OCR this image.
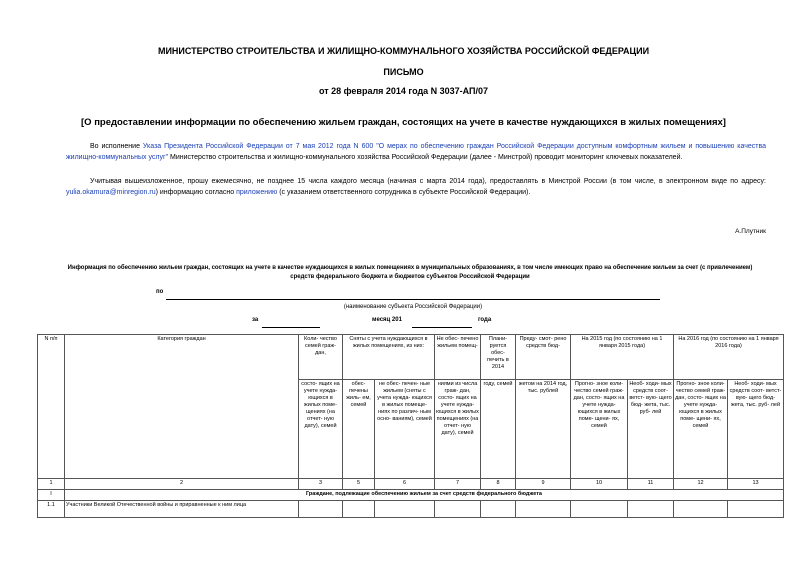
МИНИСТЕРСТВО СТРОИТЕЛЬСТВА И ЖИЛИЩНО-КОММУНАЛЬНОГО ХОЗЯЙСТВА РОССИЙСКОЙ ФЕДЕРАЦИИ
ПИСЬМО
от 28 февраля 2014 года N 3037-АП/07
[О предоставлении информации по обеспечению жильем граждан, состоящих на учете в качестве нуждающихся в жилых помещениях]
Во исполнение Указа Президента Российской Федерации от 7 мая 2012 года N 600 "О мерах по обеспечению граждан Российской Федерации доступным комфортным жильем и повышению качества жилищно-коммунальных услуг" Министерство строительства и жилищно-коммунального хозяйства Российской Федерации (далее - Минстрой) проводит мониторинг ключевых показателей.
Учитывая вышеизложенное, прошу ежемесячно, не позднее 15 числа каждого месяца (начиная с марта 2014 года), предоставлять в Минстрой России (в том числе, в электронном виде по адресу: yulia.okamura@minregion.ru) информацию согласно приложению (с указанием ответственного сотрудника в субъекте Российской Федерации).
А.Плутник
Информация по обеспечению жильем граждан, состоящих на учете в качестве нуждающихся в жилых помещениях в муниципальных образованиях, в том числе имеющих право на обеспечение жильем за счет (с привлечением) средств федерального бюджета и бюджетов субъектов Российской Федерации
по
(наименование субъекта Российской Федерации)
за	месяц 201	года
N п/п	Категория граждан	Коли- чество семей граж- дан,	Сняты с учета нуждающихся в жилых помещениях, из них:		Не обес- печено жильем помещ-	Плани- руется обес- печить в 2014	Преду- смот- рено средств бюд-	На 2015 год (по состоянию на 1 января 2015 года)		На 2016 год (по состоянию на 1 января 2016 года)	
		состо- ящих на учете нужда- ющихся в жилых поме- щениях (на отчет- ную дату), семей	обес- печены жиль- ем, семей	не обес- печен- ные жильем (сняты с учета нужда- ющихся в жилых помеще- ниях по различ- ным осно- ваниям), семей	ниями из числа граж- дан, состо- ящих на учете нужда- ющихся в жилых помещениях (на отчет- ную дату), семей	году, семей	жетом на 2014 год, тыс. рублей	Прогно- зное коли- чество семей граж- дан, состо- ящих на учете нужда- ющихся в жилых поме- щени- ях, семей	Необ- ходи- мых средств соот- ветст- вую- щего бюд- жета, тыс. руб- лей	Прогно- зное коли- чество семей граж- дан, состо- ящих на учете нужда- ющихся в жилых поме- щени- ях, семей	Необ- ходи- мых средств соот- ветст- вую- щего бюд- жета, тыс. руб- лей
1	2	3	5	6	7	8	9	10	11	12	13
I	Граждане, подлежащие обеспечению жильем за счет средств федерального бюджета										
1.1	Участники Великой Отечественной войны и приравненные к ним лица										
